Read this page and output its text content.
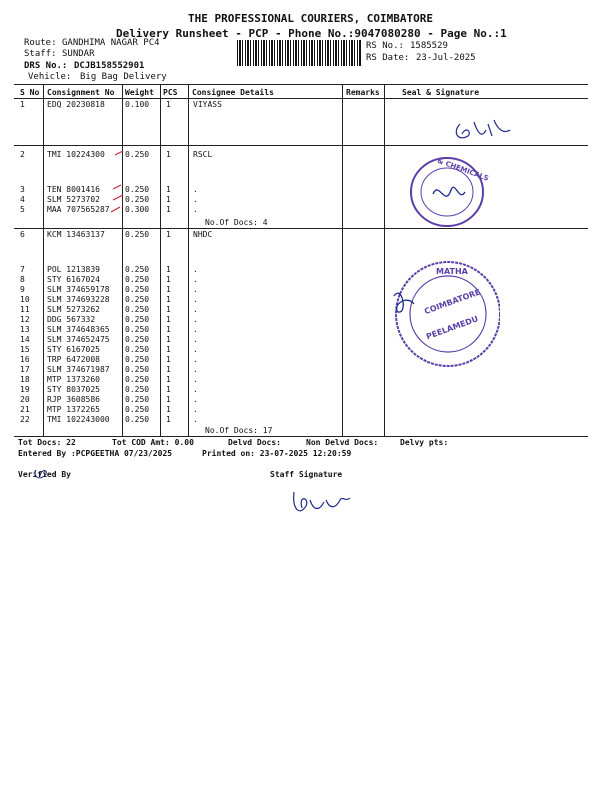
THE PROFESSIONAL COURIERS, COIMBATORE
Delivery Runsheet - PCP - Phone No.:9047080280 - Page No.:1
Route: GANDHIMA NAGAR PC4
Staff: SUNDAR
DRS No.: DCJB158552901
Vehicle: Big Bag Delivery
RS No.: 1585529
RS Date: 23-Jul-2025
S No Consignment No Weight PCS Consignee Details	Remarks	Seal & Signature
1	EDQ 20230818	0.100 1	VIYASS
2	TMI 10224300	0.250 1	RSCL
3	TEN 8001416	0.250 1	.
4	SLM 5273702	0.250 1	.
5	MAA 707565287 0.300 1	.
6	KCM 13463137	0.250 1	NHDC
7	POL 1213839	0.250 1	.
8	STY 6167024	0.250 1	.
9	SLM 374659178 0.250 1	.
10 SLM 374693228 0.250 1	.
11 SLM 5273262	0.250 1	.
12 DDG 567332	0.250 1	.
13 SLM 374648365 0.250 1	.
14 SLM 374652475 0.250 1	.
15 STY 6167025	0.250 1	.
16 TRP 6472008	0.250 1	.
17 SLM 374671987 0.250 1	.
18 MTP 1373260	0.250 1	.
19 STY 8037025	0.250 1	.
20 RJP 3608586	0.250 1	.
21 MTP 1372265	0.250 1	.
22 TMI 102243000 0.250 1	.
No.Of Docs: 4
No.Of Docs: 17
& CHEMICALS
MATHA
COIMBATORE
PEELAMEDU
Tot Docs: 22	Tot COD Amt: 0.00	Delvd Docs:	Non Delvd Docs:	Delvy pts:
Entered By :PCPGEETHA 07/23/2025	Printed on: 23-07-2025 12:20:59
Verified By	Staff Signature
